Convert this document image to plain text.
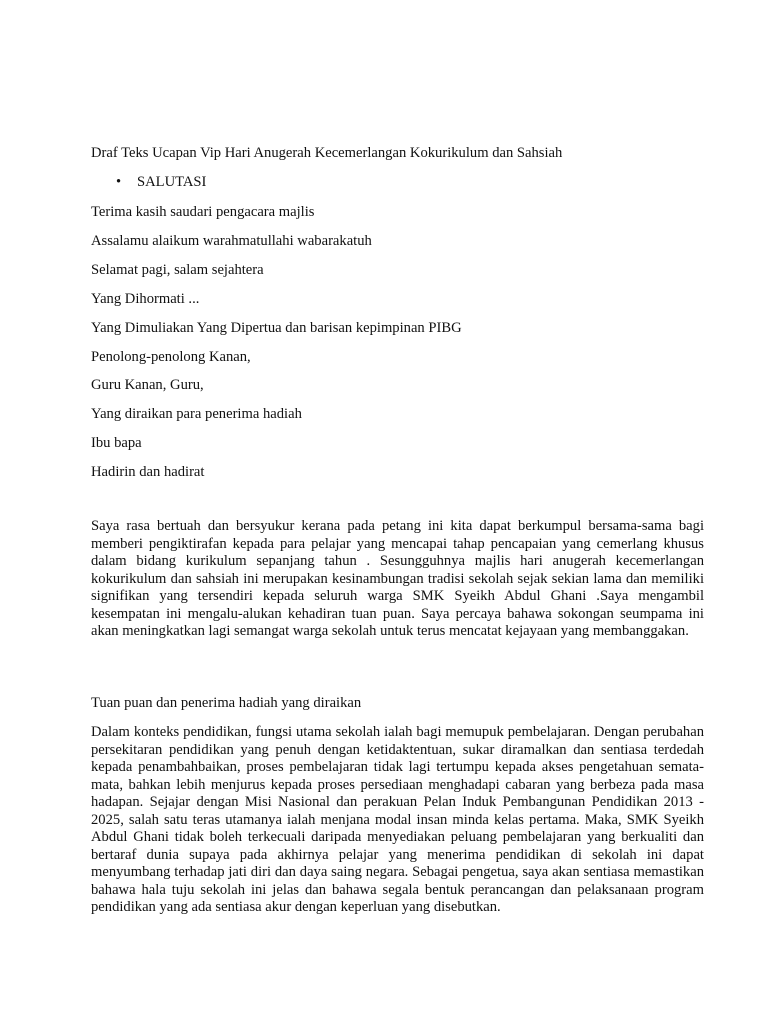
Draf Teks Ucapan Vip Hari Anugerah Kecemerlangan Kokurikulum dan Sahsiah
• SALUTASI
Terima kasih saudari pengacara majlis
Assalamu alaikum warahmatullahi wabarakatuh
Selamat pagi, salam sejahtera
Yang Dihormati ...
Yang Dimuliakan Yang Dipertua dan barisan kepimpinan PIBG
Penolong-penolong Kanan,
Guru Kanan, Guru,
Yang diraikan para penerima hadiah
Ibu bapa
Hadirin dan hadirat
Saya rasa bertuah dan bersyukur kerana pada petang ini kita dapat berkumpul bersama-sama bagi memberi pengiktirafan kepada para pelajar yang mencapai tahap pencapaian yang cemerlang khusus dalam bidang kurikulum sepanjang tahun . Sesungguhnya majlis hari anugerah kecemerlangan kokurikulum dan sahsiah ini merupakan kesinambungan tradisi sekolah sejak sekian lama dan memiliki signifikan yang tersendiri kepada seluruh warga SMK Syeikh Abdul Ghani .Saya mengambil kesempatan ini mengalu-alukan kehadiran tuan puan. Saya percaya bahawa sokongan seumpama ini akan meningkatkan lagi semangat warga sekolah untuk terus mencatat kejayaan yang membanggakan.
Tuan puan dan penerima hadiah yang diraikan
Dalam konteks pendidikan, fungsi utama sekolah ialah bagi memupuk pembelajaran. Dengan perubahan persekitaran pendidikan yang penuh dengan ketidaktentuan, sukar diramalkan dan sentiasa terdedah kepada penambahbaikan, proses pembelajaran tidak lagi tertumpu kepada akses pengetahuan semata-mata, bahkan lebih menjurus kepada proses persediaan menghadapi cabaran yang berbeza pada masa hadapan. Sejajar dengan Misi Nasional dan perakuan Pelan Induk Pembangunan Pendidikan 2013 - 2025, salah satu teras utamanya ialah menjana modal insan minda kelas pertama. Maka, SMK Syeikh Abdul Ghani tidak boleh terkecuali daripada menyediakan peluang pembelajaran yang berkualiti dan bertaraf dunia supaya pada akhirnya pelajar yang menerima pendidikan di sekolah ini dapat menyumbang terhadap jati diri dan daya saing negara. Sebagai pengetua, saya akan sentiasa memastikan bahawa hala tuju sekolah ini jelas dan bahawa segala bentuk perancangan dan pelaksanaan program pendidikan yang ada sentiasa akur dengan keperluan yang disebutkan.
